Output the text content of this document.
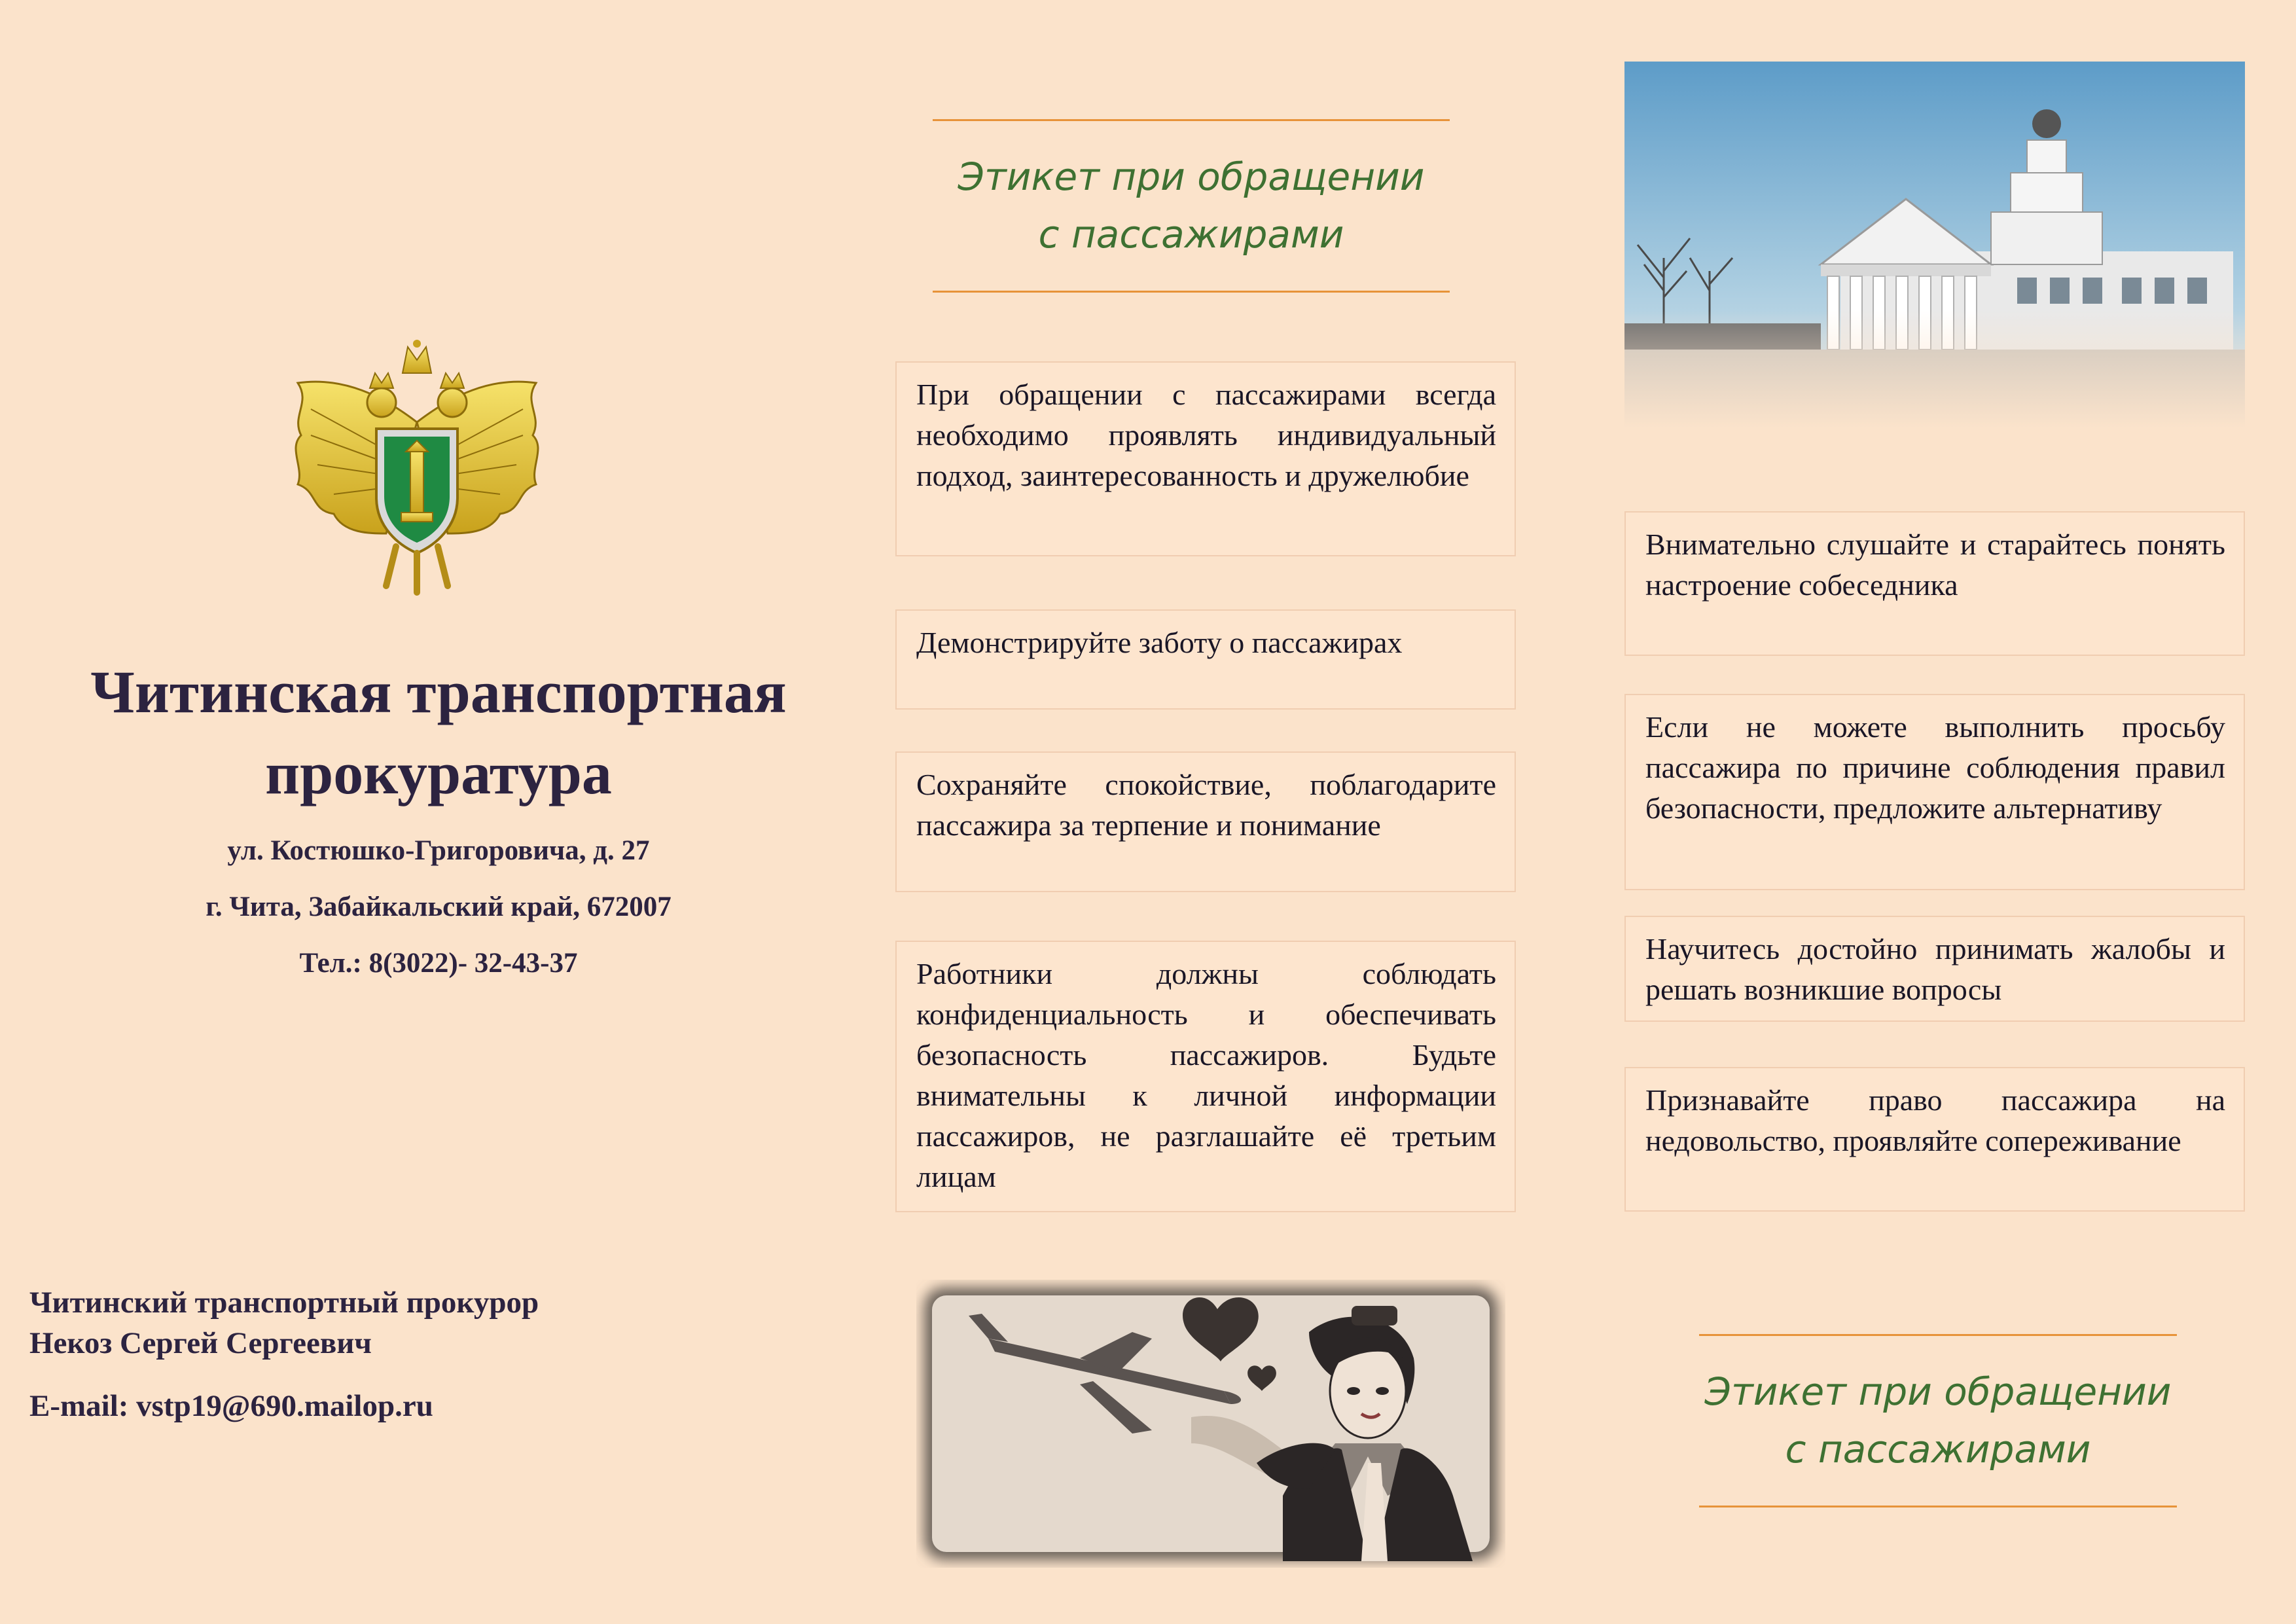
Читинская транспортная
прокуратура
ул. Костюшко-Григоровича, д. 27
г. Чита, Забайкальский край, 672007
Тел.: 8(3022)- 32-43-37
Читинский транспортный прокурор
Некоз Сергей Сергеевич
E-mail: vstp19@690.mailop.ru
Этикет при обращении
с пассажирами
При обращении с пассажирами всегда необходимо проявлять индивидуальный подход, заинтересованность и дружелюбие
Демонстрируйте заботу о пассажирах
Сохраняйте спокойствие, поблагодарите пассажира за терпение и понимание
Работники должны соблюдать конфиденциальность и обеспечивать безопасность пассажиров. Будьте внимательны к личной информации пассажиров, не разглашайте её третьим лицам
Внимательно слушайте и старайтесь понять настроение собеседника
Если не можете выполнить просьбу пассажира по причине соблюдения правил безопасности, предложите альтернативу
Научитесь достойно принимать жалобы и решать возникшие вопросы
Признавайте право пассажира на недовольство, проявляйте сопереживание
Этикет при обращении
с пассажирами
